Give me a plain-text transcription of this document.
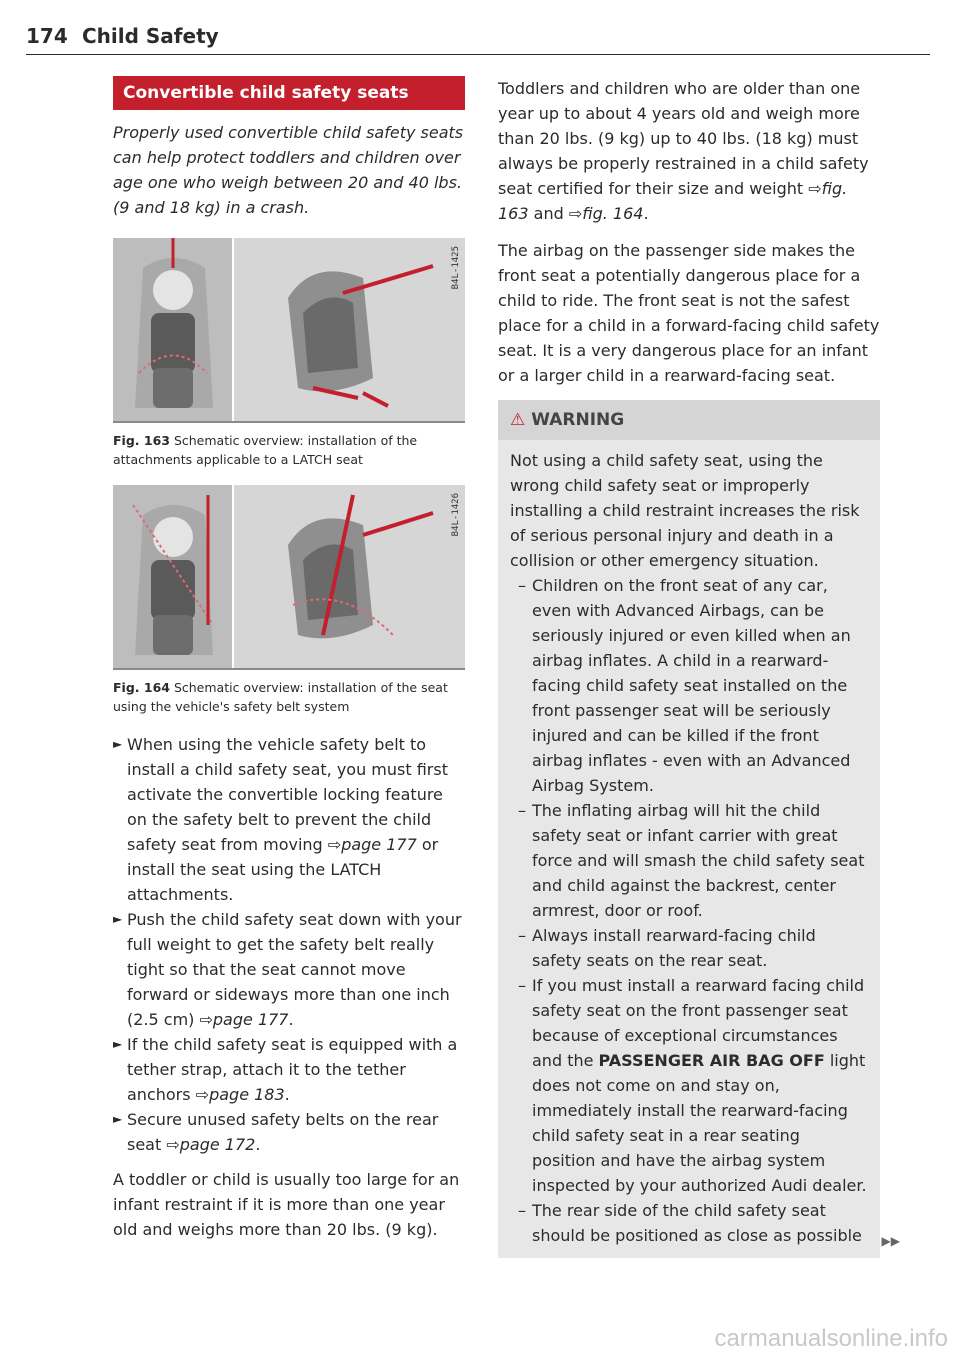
174 Child Safety
Convertible child safety seats

Properly used convertible child safety seats can help protect toddlers and children over age one who weigh between 20 and 40 lbs. (9 and 18 kg) in a crash.

B4L-1425
Fig. 163 Schematic overview: installation of the attachments applicable to a LATCH seat
B4L-1426
Fig. 164 Schematic overview: installation of the seat using the vehicle's safety belt system
► When using the vehicle safety belt to install a child safety seat, you must first activate the convertible locking feature on the safety belt to prevent the child safety seat from moving ⇨page 177 or install the seat using the LATCH attachments.
► Push the child safety seat down with your full weight to get the safety belt really tight so that the seat cannot move forward or sideways more than one inch (2.5 cm) ⇨page 177.
► If the child safety seat is equipped with a tether strap, attach it to the tether anchors ⇨page 183.
► Secure unused safety belts on the rear seat ⇨page 172.

A toddler or child is usually too large for an infant restraint if it is more than one year old and weighs more than 20 lbs. (9 kg).

Toddlers and children who are older than one year up to about 4 years old and weigh more than 20 lbs. (9 kg) up to 40 lbs. (18 kg) must always be properly restrained in a child safety seat certified for their size and weight ⇨fig. 163 and ⇨fig. 164.

The airbag on the passenger side makes the front seat a potentially dangerous place for a child to ride. The front seat is not the safest place for a child in a forward-facing child safety seat. It is a very dangerous place for an infant or a larger child in a rearward-facing seat.

⚠ WARNING
Not using a child safety seat, using the wrong child safety seat or improperly installing a child restraint increases the risk of serious personal injury and death in a collision or other emergency situation.
– Children on the front seat of any car, even with Advanced Airbags, can be seriously injured or even killed when an airbag inflates. A child in a rearward-facing child safety seat installed on the front passenger seat will be seriously injured and can be killed if the front airbag inflates - even with an Advanced Airbag System.
– The inflating airbag will hit the child safety seat or infant carrier with great force and will smash the child safety seat and child against the backrest, center armrest, door or roof.
– Always install rearward-facing child safety seats on the rear seat.
– If you must install a rearward facing child safety seat on the front passenger seat because of exceptional circumstances and the PASSENGER AIR BAG OFF light does not come on and stay on, immediately install the rearward-facing child safety seat in a rear seating position and have the airbag system inspected by your authorized Audi dealer.
– The rear side of the child safety seat should be positioned as close as possible	▶▶
carmanualsonline.info
